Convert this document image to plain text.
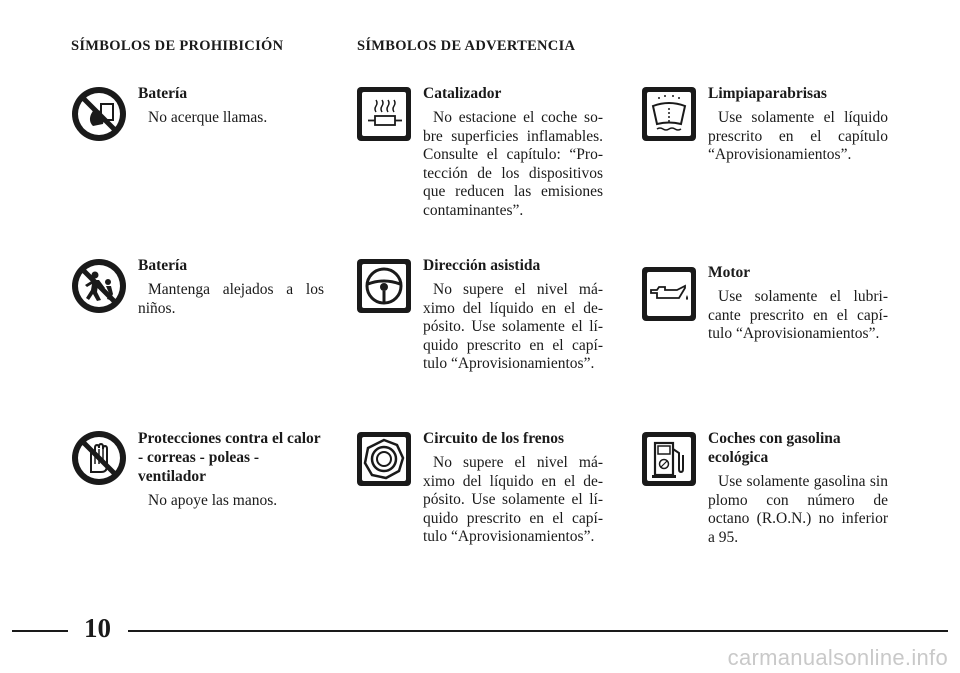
SÍMBOLOS DE PROHIBICIÓN	SÍMBOLOS DE ADVERTENCIA
Batería

No acerque llamas.

Batería

Mantenga alejados a los niños.

Protecciones contra el calor - correas - poleas - ventilador

No apoye las manos.

Catalizador

No estacione el coche so-bre superficies inflamables. Consulte el capítulo: “Pro-tección de los dispositivos que reducen las emisiones contaminantes”.

Dirección asistida

No supere el nivel má-ximo del líquido en el de-pósito. Use solamente el lí-quido prescrito en el capí-tulo “Aprovisionamientos”.

Circuito de los frenos

No supere el nivel má-ximo del líquido en el de-pósito. Use solamente el lí-quido prescrito en el capí-tulo “Aprovisionamientos”.

Limpiaparabrisas

Use solamente el líquido prescrito en el capítulo “Aprovisionamientos”.

Motor

Use solamente el lubri-cante prescrito en el capí-tulo “Aprovisionamientos”.

Coches con gasolina ecológica

Use solamente gasolina sin plomo con número de octano (R.O.N.) no inferior a 95.

10
carmanualsonline.info
